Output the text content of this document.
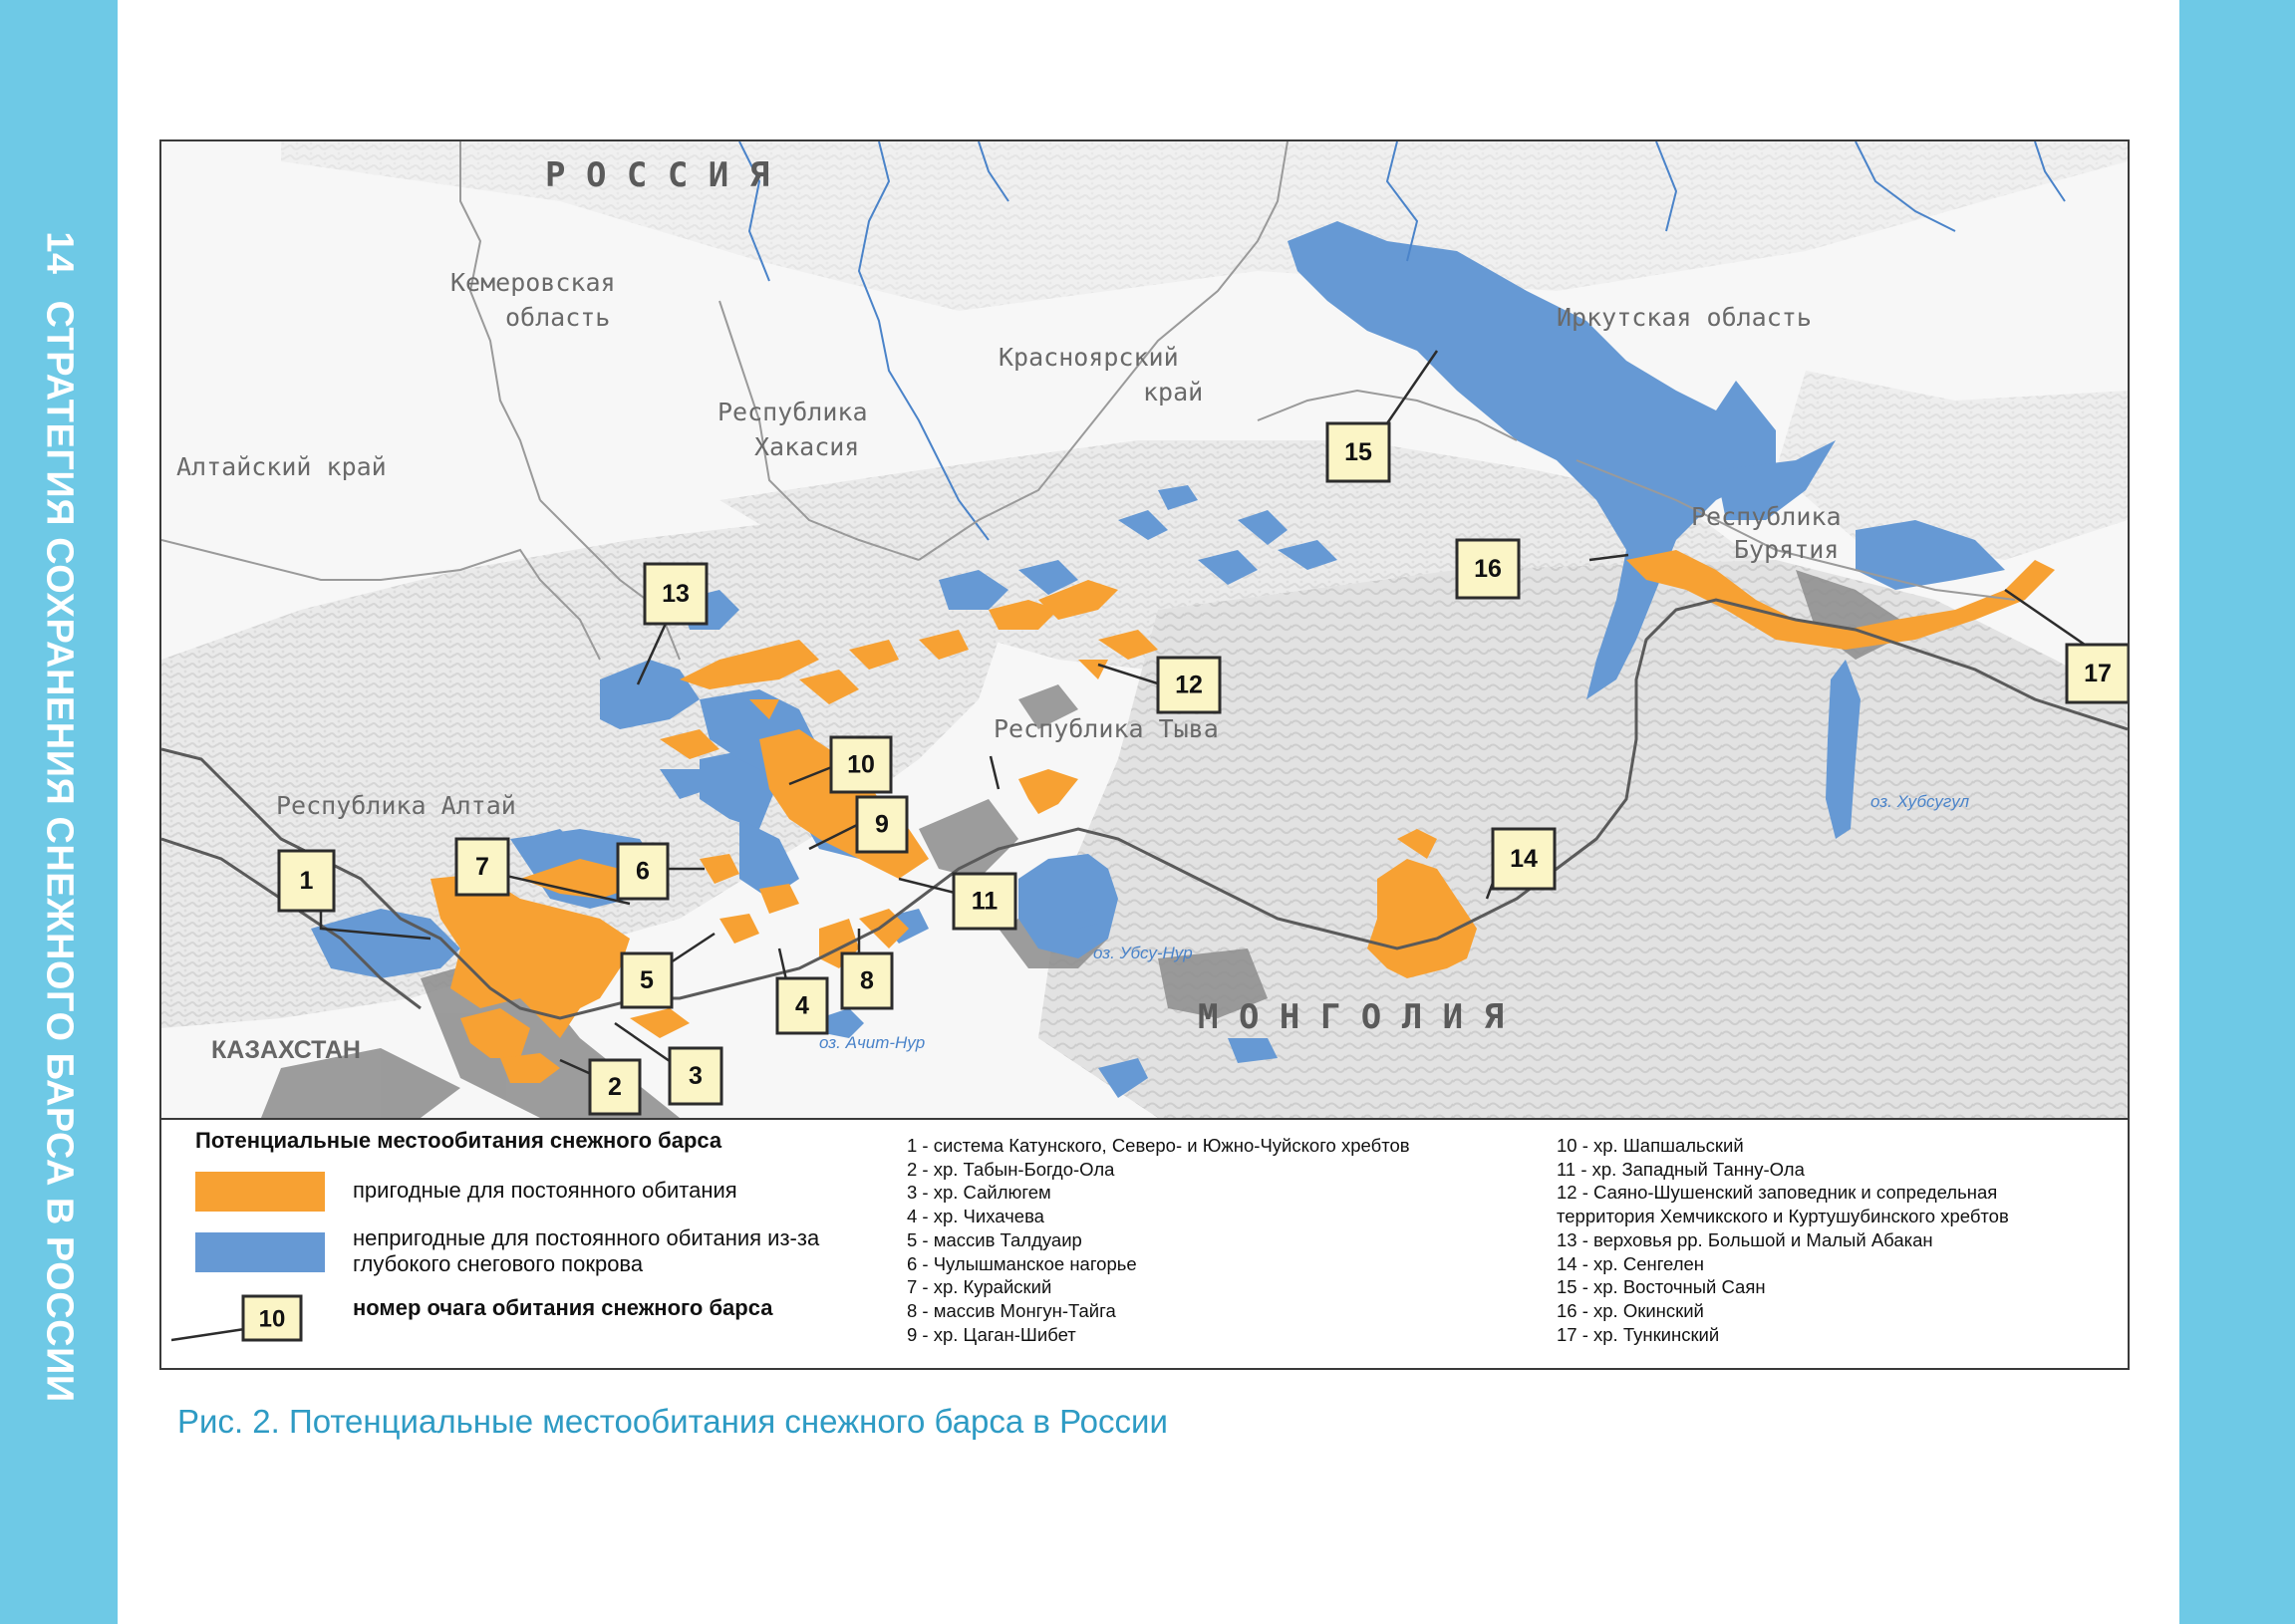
14СТРАТЕГИЯ СОХРАНЕНИЯ СНЕЖНОГО БАРСА В РОССИИ
Р О С С И Я
М О Н Г О Л И Я
КАЗАХСТАН
Кемеровская
область
Красноярский
край
Иркутская область
Республика
Хакасия
Алтайский край
Республика
Бурятия
Республика Тыва
Республика Алтай
оз. Убсу-Нур
оз. Ачит-Нур
оз. Хубсугул
1
2	3
4
5
6
7
8
9
10
11
12
13
14
15
16
17
Потенциальные местообитания снежного барса
пригодные для постоянного обитания
непригодные для постоянного обитания из-за глубокого снегового покрова
10	номер очага обитания снежного барса
1 - система Катунского, Северо- и Южно-Чуйского хребтов
2 - хр. Табын-Богдо-Ола
3 - хр. Сайлюгем
4 - хр. Чихачева
5 - массив Талдуаир
6 - Чулышманское нагорье
7 - хр. Курайский
8 - массив Монгун-Тайга
9 - хр. Цаган-Шибет
10 - хр. Шапшальский
11 - хр. Западный Танну-Ола
12 - Саяно-Шушенский заповедник и сопредельная
территория Хемчикского и Куртушубинского хребтов
13 - верховья рр. Большой и Малый Абакан
14 - хр. Сенгелен
15 - хр. Восточный Саян
16 - хр. Окинский
17 - хр. Тункинский
Рис. 2. Потенциальные местообитания снежного барса в России
